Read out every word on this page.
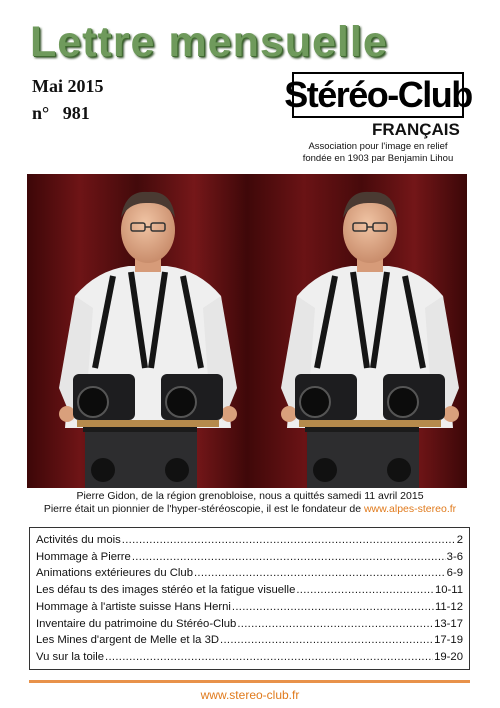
Lettre mensuelle
Mai 2015
n°   981	Stéréo-Club
FRANÇAIS
Association pour l'image en relief
fondée en 1903 par Benjamin Lihou
Pierre Gidon, de la région grenobloise, nous a quittés samedi 11 avril 2015
Pierre était un pionnier de l'hyper-stéréoscopie, il est le fondateur de www.alpes-stereo.fr
Activités du mois .....	2
Hommage à Pierre .....	3-6
Animations extérieures du Club .....	6-9
Les défau ts des images stéréo et la fatigue visuelle .....	10-11
Hommage à l'artiste suisse Hans Herni .....	11-12
Inventaire du patrimoine du Stéréo-Club .....	13-17
Les Mines d'argent de Melle et la 3D .....	17-19
Vu sur la toile .....	19-20
www.stereo-club.fr
